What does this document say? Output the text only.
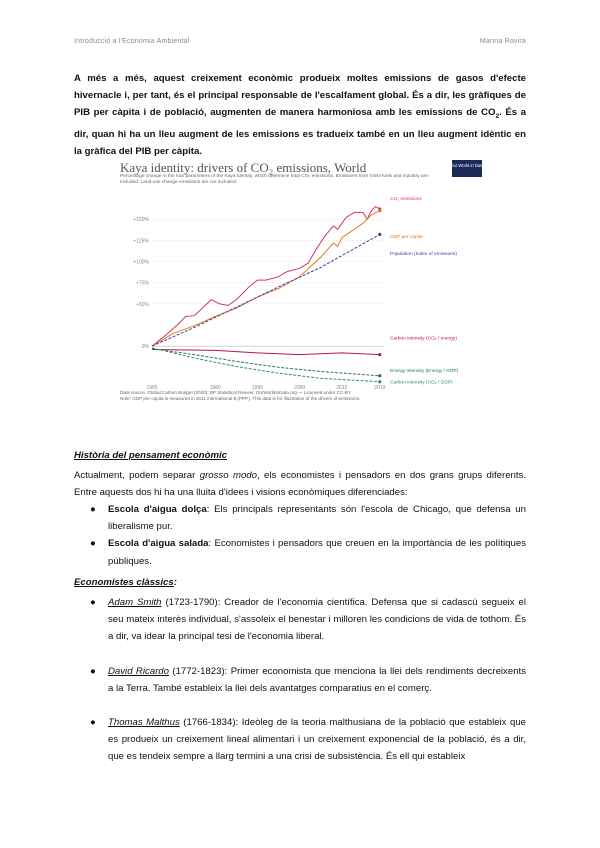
Introducció a l'Economia Ambiental	Marina Rovira
A més a més, aquest creixement econòmic produeix moltes emissions de gasos d'efecte hivernacle i, per tant, és el principal responsable de l'escalfament global. És a dir, les gràfiques de PIB per càpita i de població, augmenten de manera harmoniosa amb les emissions de $CO_2$. És a dir, quan hi ha un lleu augment de les emissions es tradueix també en un lleu augment idèntic en la gràfica del PIB per càpita.
Kaya identity: drivers of CO₂ emissions, World	Our World in Data
Percentage change in the four parameters of the Kaya Identity, which determine total CO₂ emissions. Emissions from fossil fuels and industry are included. Land-use change emissions are not included.
+150%
+125%
+100%
+75%
+50%
0%
1965	1980	1990	2000	2010	2019
CO₂ emissions
GDP per capita
Population (Index of emissions)
Carbon intensity (CO₂ / energy)
Energy intensity (Energy / GDP)
Carbon intensity (CO₂ / GDP)
Data source: Global Carbon Budget (2020); BP Statistical Review; OurWorldInData.org — Licensed under CC-BY
Note: GDP per capita is measured in 2011 international-$ (PPP). This data is for illustration of the drivers of emissions.
Història del pensament econòmic
Actualment, podem separar grosso modo, els economistes i pensadors en dos grans grups diferents. Entre aquests dos hi ha una lluita d'idees i visions econòmiques diferenciades:
● Escola d'aigua dolça: Els principals representants són l'escola de Chicago, que defensa un liberalisme pur.
● Escola d'aigua salada: Economistes i pensadors que creuen en la importància de les polítiques públiques.
Economistes clàssics:
● Adam Smith (1723-1790): Creador de l'economia científica. Defensa que si cadascú segueix el seu mateix interès individual, s'assoleix el benestar i milloren les condicions de vida de tothom. És a dir, va idear la principal tesi de l'economia liberal.
● David Ricardo (1772-1823): Primer economista que menciona la llei dels rendiments decreixents a la Terra. També estableix la llei dels avantatges comparatius en el comerç.
● Thomas Malthus (1766-1834): Ideòleg de la teoria malthusiana de la població que estableix que es produeix un creixement lineal alimentari i un creixement exponencial de la població, és a dir, que es tendeix sempre a llarg termini a una crisi de subsistència. És ell qui estableix
